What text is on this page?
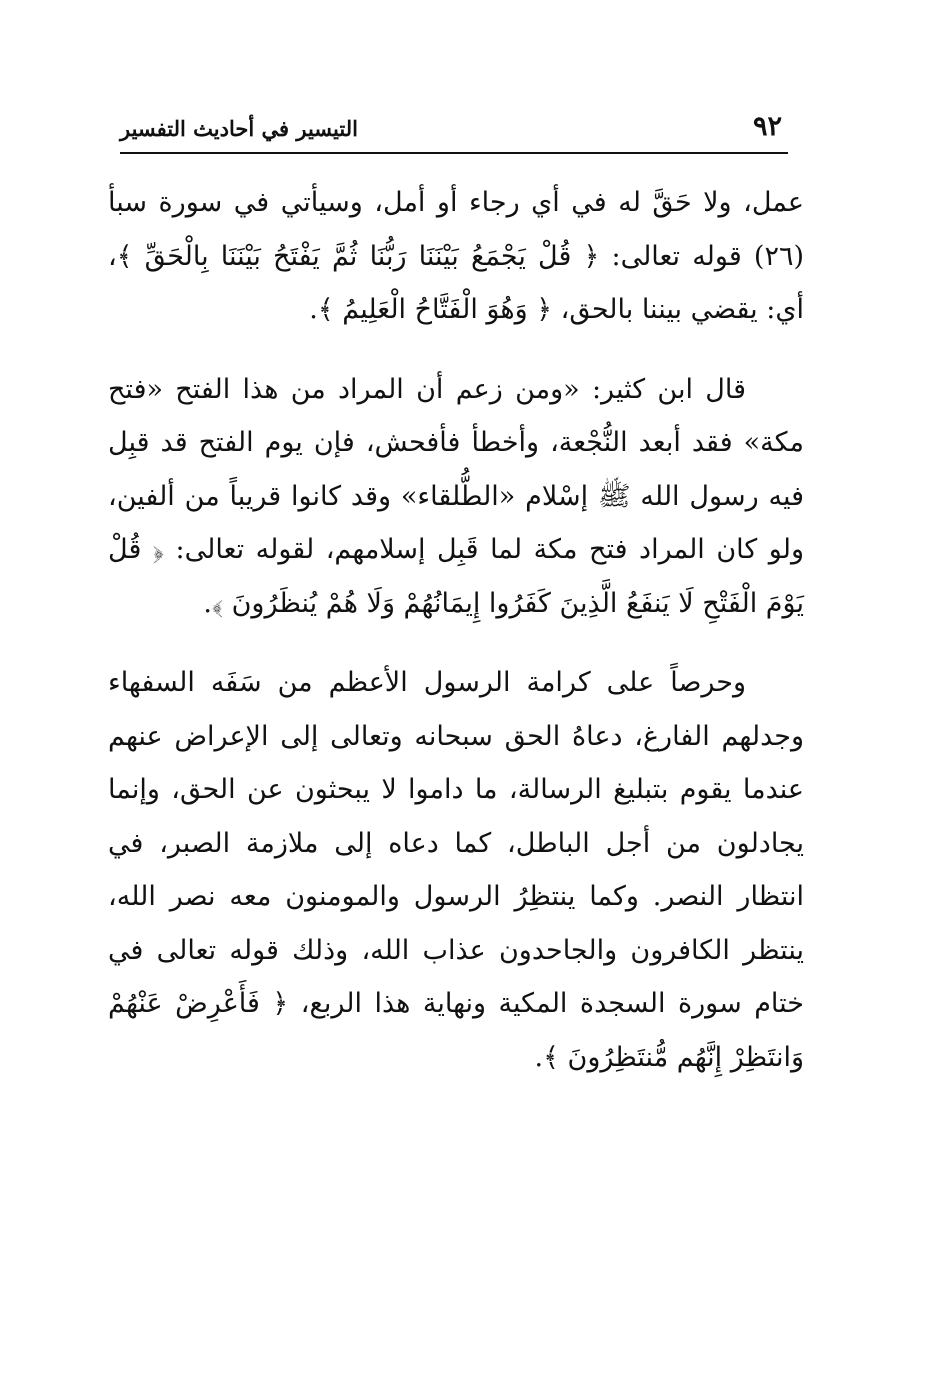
٩٢
التيسير في أحاديث التفسير

عمل، ولا حَقَّ له في أي رجاء أو أمل، وسيأتي في سورة سبأ (٢٦) قوله تعالى: ﴿ قُلْ يَجْمَعُ بَيْنَنَا رَبُّنَا ثُمَّ يَفْتَحُ بَيْنَنَا بِالْحَقِّ ﴾، أي: يقضي بيننا بالحق، ﴿ وَهُوَ الْفَتَّاحُ الْعَلِيمُ ﴾.

قال ابن كثير: «ومن زعم أن المراد من هذا الفتح «فتح مكة» فقد أبعد النُّجْعة، وأخطأ فأفحش، فإن يوم الفتح قد قبِل فيه رسول الله ﷺ إسْلام «الطُّلقاء» وقد كانوا قريباً من ألفين، ولو كان المراد فتح مكة لما قَبِل إسلامهم، لقوله تعالى: ﴿ قُلْ يَوْمَ الْفَتْحِ لَا يَنفَعُ الَّذِينَ كَفَرُوا إِيمَانُهُمْ وَلَا هُمْ يُنظَرُونَ ﴾.

وحرصاً على كرامة الرسول الأعظم من سَفَه السفهاء وجدلهم الفارغ، دعاهُ الحق سبحانه وتعالى إلى الإعراض عنهم عندما يقوم بتبليغ الرسالة، ما داموا لا يبحثون عن الحق، وإنما يجادلون من أجل الباطل، كما دعاه إلى ملازمة الصبر، في انتظار النصر. وكما ينتظِرُ الرسول والمومنون معه نصر الله، ينتظر الكافرون والجاحدون عذاب الله، وذلك قوله تعالى في ختام سورة السجدة المكية ونهاية هذا الربع، ﴿ فَأَعْرِضْ عَنْهُمْ وَانتَظِرْ إِنَّهُم مُّنتَظِرُونَ ﴾.
